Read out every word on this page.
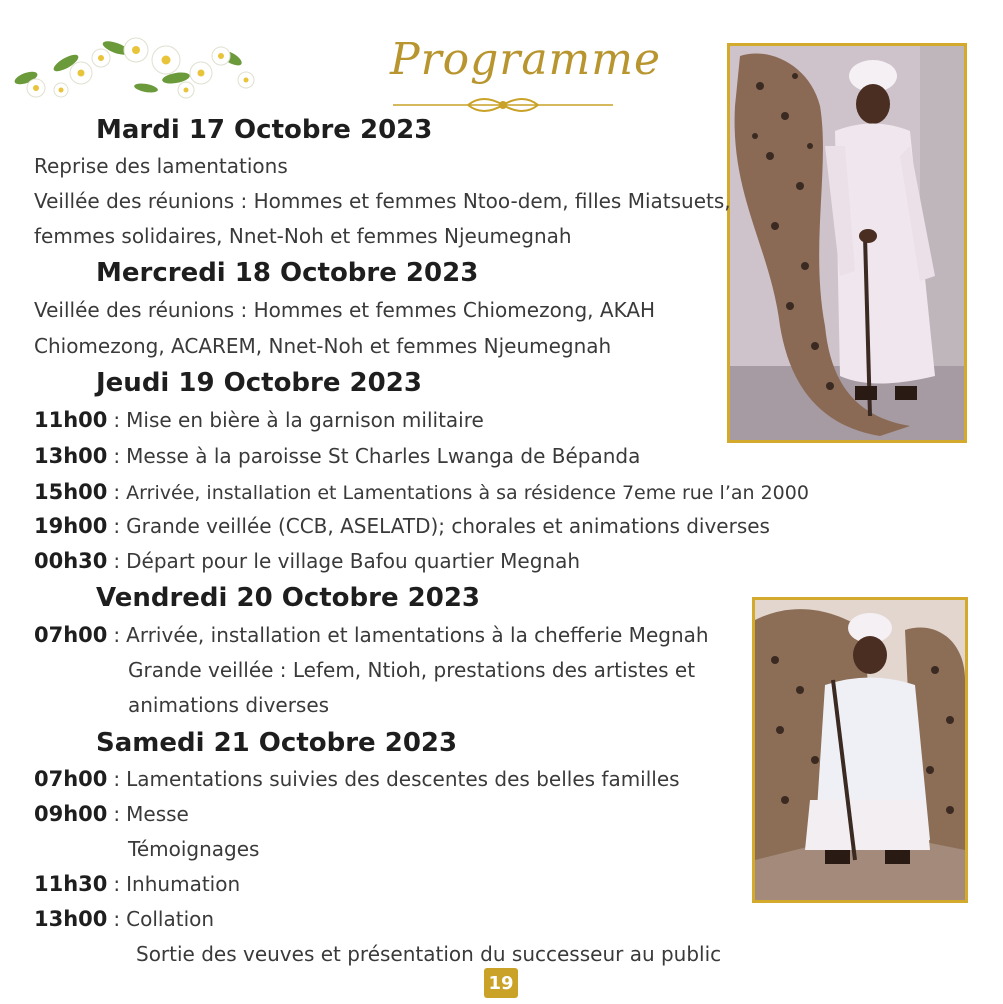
Programme
Mardi 17 Octobre 2023
Reprise des lamentations
Veillée des réunions : Hommes et femmes Ntoo-dem, filles Miatsuets,
femmes solidaires, Nnet-Noh et femmes Njeumegnah
Mercredi 18 Octobre 2023
Veillée des réunions : Hommes et femmes Chiomezong, AKAH
Chiomezong, ACAREM, Nnet-Noh et femmes Njeumegnah
Jeudi 19 Octobre 2023
11h00 : Mise en bière à la garnison militaire
13h00 : Messe à la paroisse St Charles Lwanga de Bépanda
15h00 : Arrivée, installation et Lamentations à sa résidence 7eme rue l’an 2000
19h00 : Grande veillée (CCB, ASELATD); chorales et animations diverses
00h30 : Départ pour le village Bafou quartier Megnah
Vendredi 20 Octobre 2023
07h00 : Arrivée, installation et lamentations à la chefferie Megnah
Grande veillée : Lefem, Ntioh, prestations des artistes et
animations diverses
Samedi 21 Octobre 2023
07h00 : Lamentations suivies des descentes des belles familles
09h00 : Messe
Témoignages
11h30 : Inhumation
13h00 : Collation
Sortie des veuves et présentation du successeur au public
19
